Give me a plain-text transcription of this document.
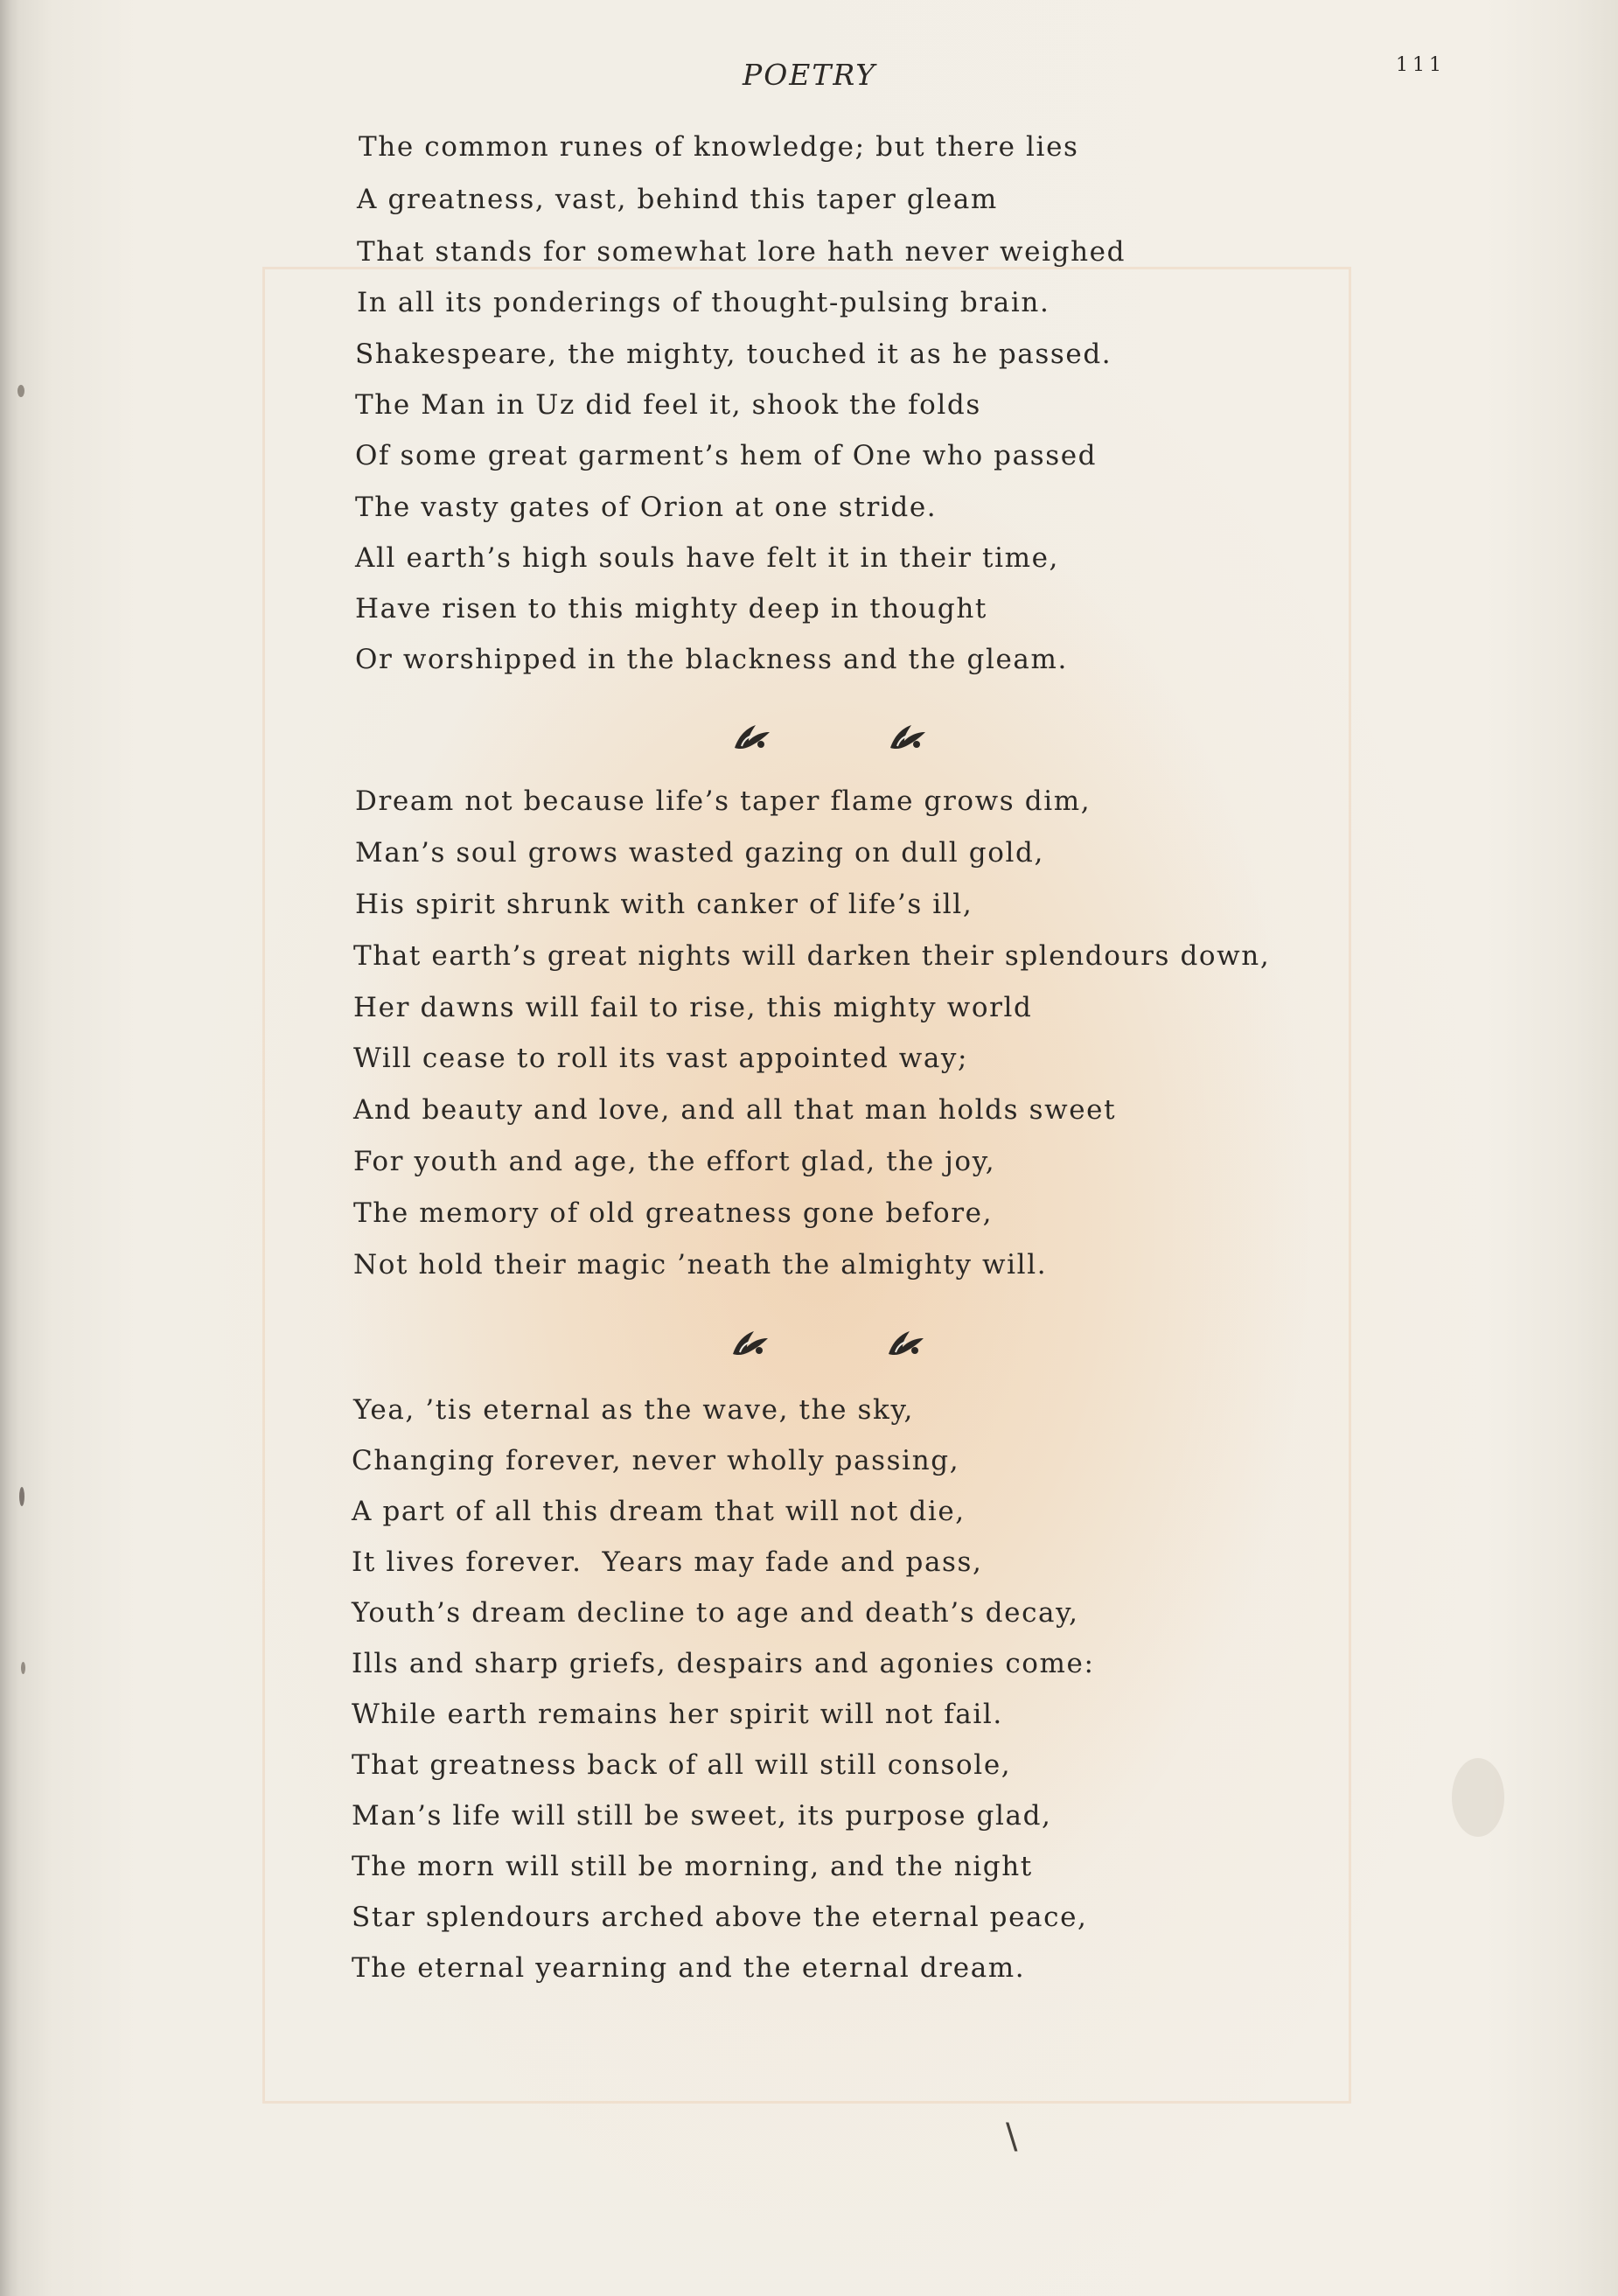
POETRY	111
The common runes of knowledge; but there lies
A greatness, vast, behind this taper gleam
That stands for somewhat lore hath never weighed
In all its ponderings of thought-pulsing brain.
Shakespeare, the mighty, touched it as he passed.
The Man in Uz did feel it, shook the folds
Of some great garment’s hem of One who passed
The vasty gates of Orion at one stride.
All earth’s high souls have felt it in their time,
Have risen to this mighty deep in thought
Or worshipped in the blackness and the gleam.
Dream not because life’s taper flame grows dim,
Man’s soul grows wasted gazing on dull gold,
His spirit shrunk with canker of life’s ill,
That earth’s great nights will darken their splendours down,
Her dawns will fail to rise, this mighty world
Will cease to roll its vast appointed way;
And beauty and love, and all that man holds sweet
For youth and age, the effort glad, the joy,
The memory of old greatness gone before,
Not hold their magic ’neath the almighty will.
Yea, ’tis eternal as the wave, the sky,
Changing forever, never wholly passing,
A part of all this dream that will not die,
It lives forever.  Years may fade and pass,
Youth’s dream decline to age and death’s decay,
Ills and sharp griefs, despairs and agonies come:
While earth remains her spirit will not fail.
That greatness back of all will still console,
Man’s life will still be sweet, its purpose glad,
The morn will still be morning, and the night
Star splendours arched above the eternal peace,
The eternal yearning and the eternal dream.
\
